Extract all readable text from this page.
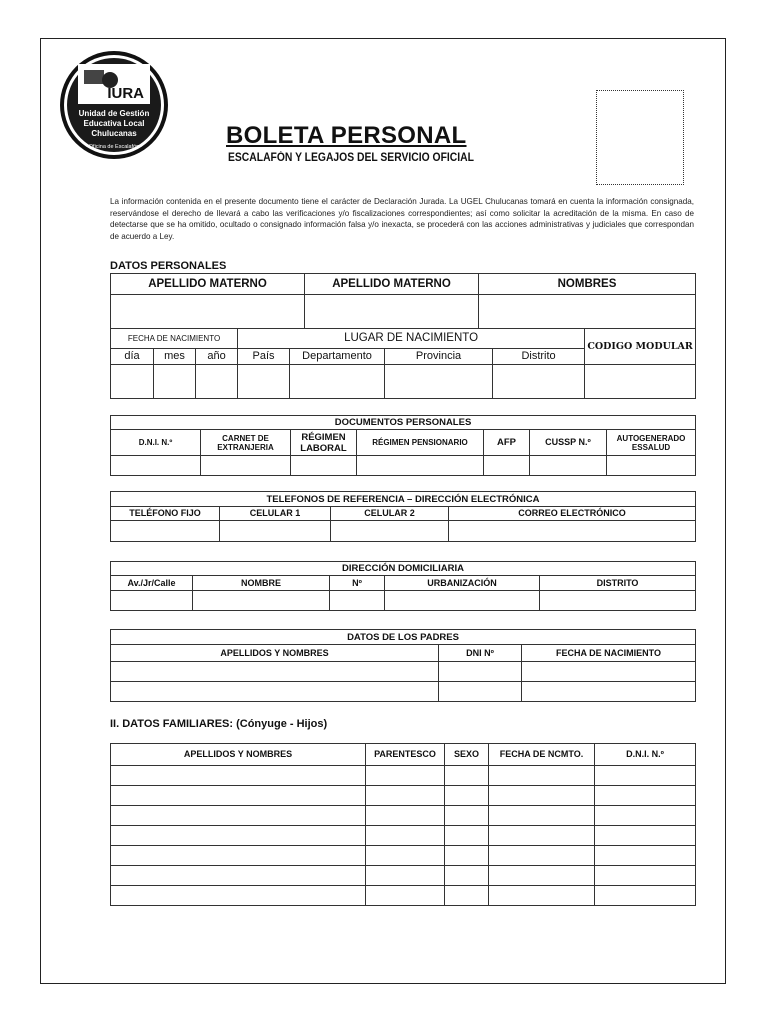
IURA
Unidad de Gestión
Educativa Local
Chulucanas
Oficina de Escalafón	BOLETA PERSONAL
ESCALAFÓN Y LEGAJOS DEL SERVICIO OFICIAL

La información contenida en el presente documento tiene el carácter de Declaración Jurada. La UGEL Chulucanas tomará en cuenta la información consignada, reservándose el derecho de llevará a cabo las verificaciones y/o fiscalizaciones correspondientes; así como solicitar la acreditación de la misma. En caso de detectarse que se ha omitido, ocultado o consignado información falsa y/o inexacta, se procederá con las acciones administrativas y judiciales que correspondan de acuerdo a Ley.

DATOS PERSONALES
APELLIDO MATERNO	APELLIDO MATERNO	NOMBRES

FECHA DE NACIMIENTO			LUGAR DE NACIMIENTO				CODIGO MODULAR
día	mes	año	País	Departamento	Provincia	Distrito	

DOCUMENTOS PERSONALES						
D.N.I. N.º	CARNET DE EXTRANJERIA	RÉGIMEN LABORAL	RÉGIMEN PENSIONARIO	AFP	CUSSP N.º	AUTOGENERADO ESSALUD

TELEFONOS DE REFERENCIA – DIRECCIÓN ELECTRÓNICA			
TELÉFONO FIJO	CELULAR 1	CELULAR 2	CORREO ELECTRÓNICO

DIRECCIÓN DOMICILIARIA				
Av./Jr/Calle	NOMBRE	Nº	URBANIZACIÓN	DISTRITO

DATOS DE LOS PADRES		
APELLIDOS Y NOMBRES	DNI Nº	FECHA DE NACIMIENTO

II. DATOS FAMILIARES: (Cónyuge - Hijos)
APELLIDOS Y NOMBRES	PARENTESCO	SEXO	FECHA DE NCMTO.	D.N.I. N.º
